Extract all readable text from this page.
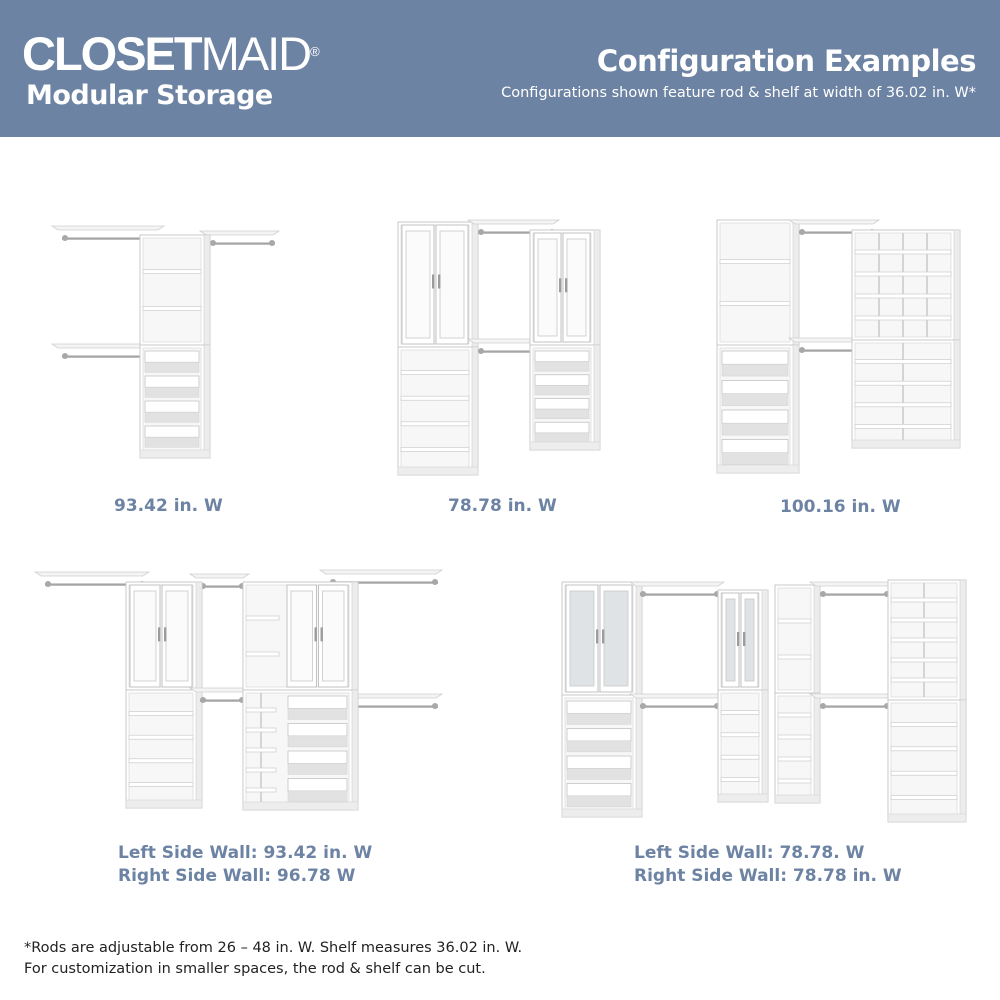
CLOSETMAID®
Modular Storage
Configuration Examples
Configurations shown feature rod & shelf at width of 36.02 in. W*
93.42 in. W	78.78 in. W	100.16 in. W
Left Side Wall: 93.42 in. W
Right Side Wall: 96.78 W
Left Side Wall: 78.78. W
Right Side Wall: 78.78 in. W
*Rods are adjustable from 26 – 48 in. W. Shelf measures 36.02 in. W.
For customization in smaller spaces, the rod & shelf can be cut.
